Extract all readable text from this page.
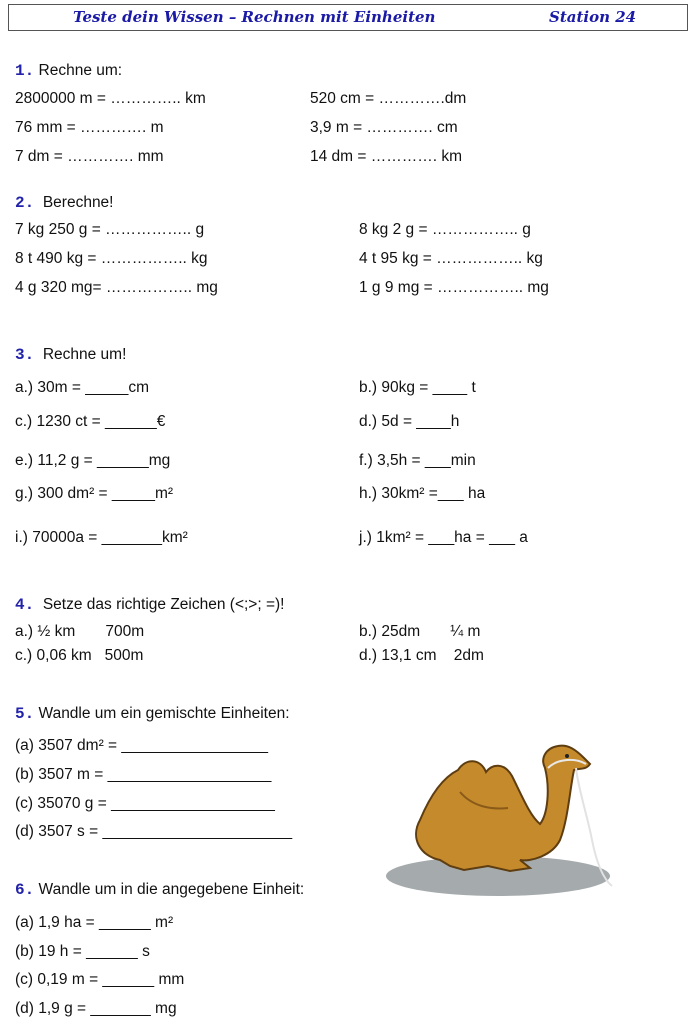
Teste dein Wissen – Rechnen mit Einheiten	Station 24
1. Rechne um:
2800000 m = ………….. km
76 mm = …………. m
7 dm = …………. mm
520 cm = ………….dm
3,9 m = …………. cm
14 dm = …………. km
2. Berechne!
7 kg 250 g = …………….. g
8 t 490 kg = …………….. kg
4 g 320 mg= …………….. mg
8 kg 2 g = …………….. g
4 t 95 kg = …………….. kg
1 g 9 mg = …………….. mg
3. Rechne um!
a.) 30m = _____cm
c.) 1230 ct = ______€
e.) 11,2 g = ______mg
g.) 300 dm² = _____m²
i.) 70000a = _______km²
b.) 90kg = ____ t
d.) 5d = ____h
f.) 3,5h = ___min
h.) 30km² =___ ha
j.) 1km² = ___ha = ___ a
4. Setze das richtige Zeichen (<;>; =)!
a.) ½ km       700m
c.) 0,06 km   500m
b.) 25dm       ¼ m
d.) 13,1 cm    2dm
5. Wandle um ein gemischte Einheiten:
(a) 3507 dm² = _________________
(b) 3507 m = ___________________
(c) 35070 g = ___________________
(d) 3507 s = ______________________
6. Wandle um in die angegebene Einheit:
(a) 1,9 ha = ______ m²
(b) 19 h = ______ s
(c) 0,19 m = ______ mm
(d) 1,9 g = _______ mg
